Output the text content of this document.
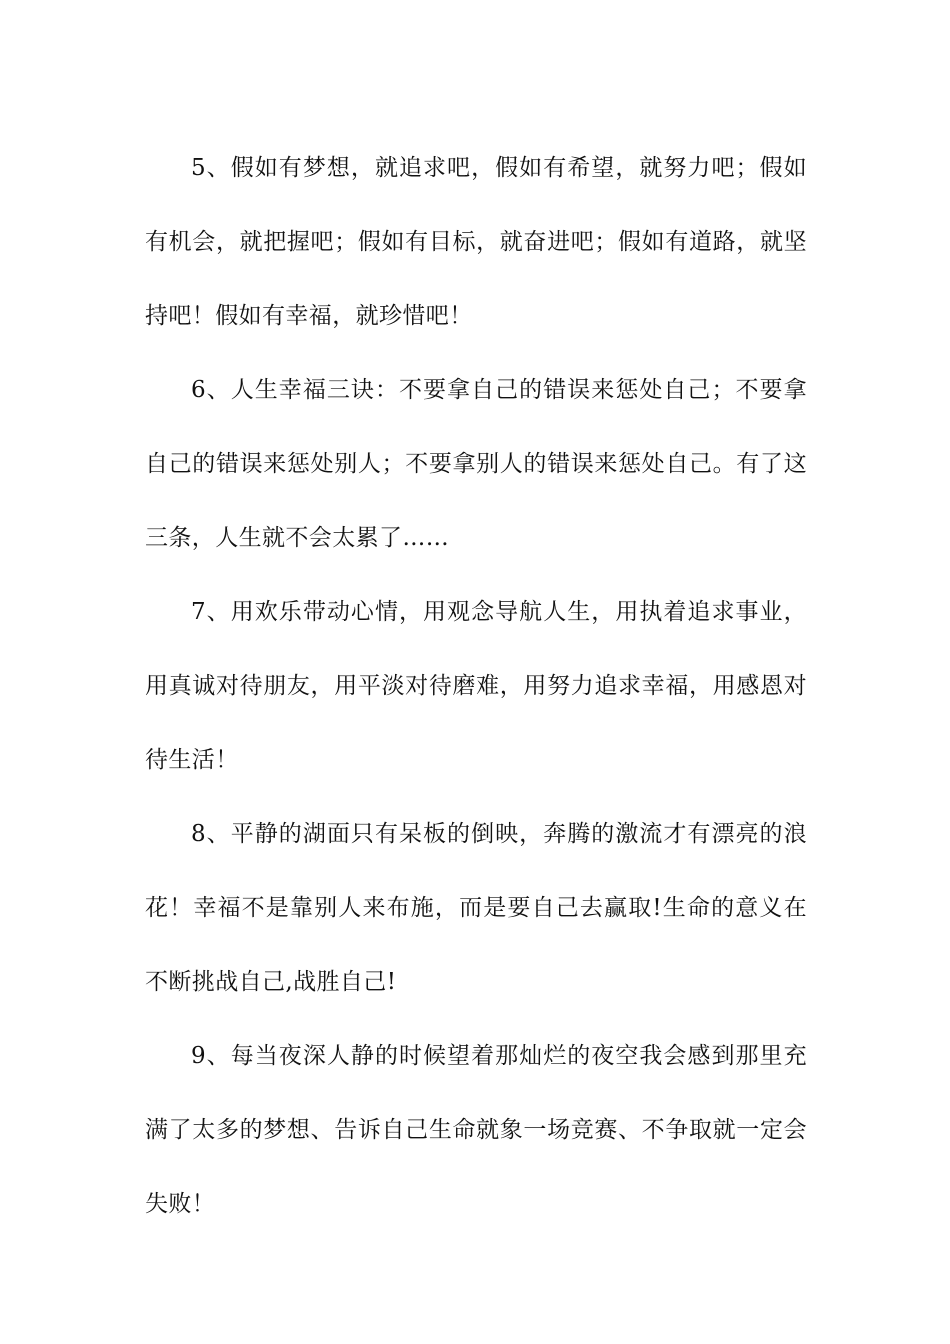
5、假如有梦想，就追求吧，假如有希望，就努力吧；假如有机会，就把握吧；假如有目标，就奋进吧；假如有道路，就坚持吧！假如有幸福，就珍惜吧！

6、人生幸福三诀：不要拿自己的错误来惩处自己；不要拿自己的错误来惩处别人；不要拿别人的错误来惩处自己。有了这三条，人生就不会太累了……

7、用欢乐带动心情，用观念导航人生，用执着追求事业，用真诚对待朋友，用平淡对待磨难，用努力追求幸福，用感恩对待生活！

8、平静的湖面只有呆板的倒映，奔腾的激流才有漂亮的浪花！幸福不是靠别人来布施，而是要自己去赢取!生命的意义在不断挑战自己,战胜自己!

9、每当夜深人静的时候望着那灿烂的夜空我会感到那里充满了太多的梦想、告诉自己生命就象一场竞赛、不争取就一定会失败！
